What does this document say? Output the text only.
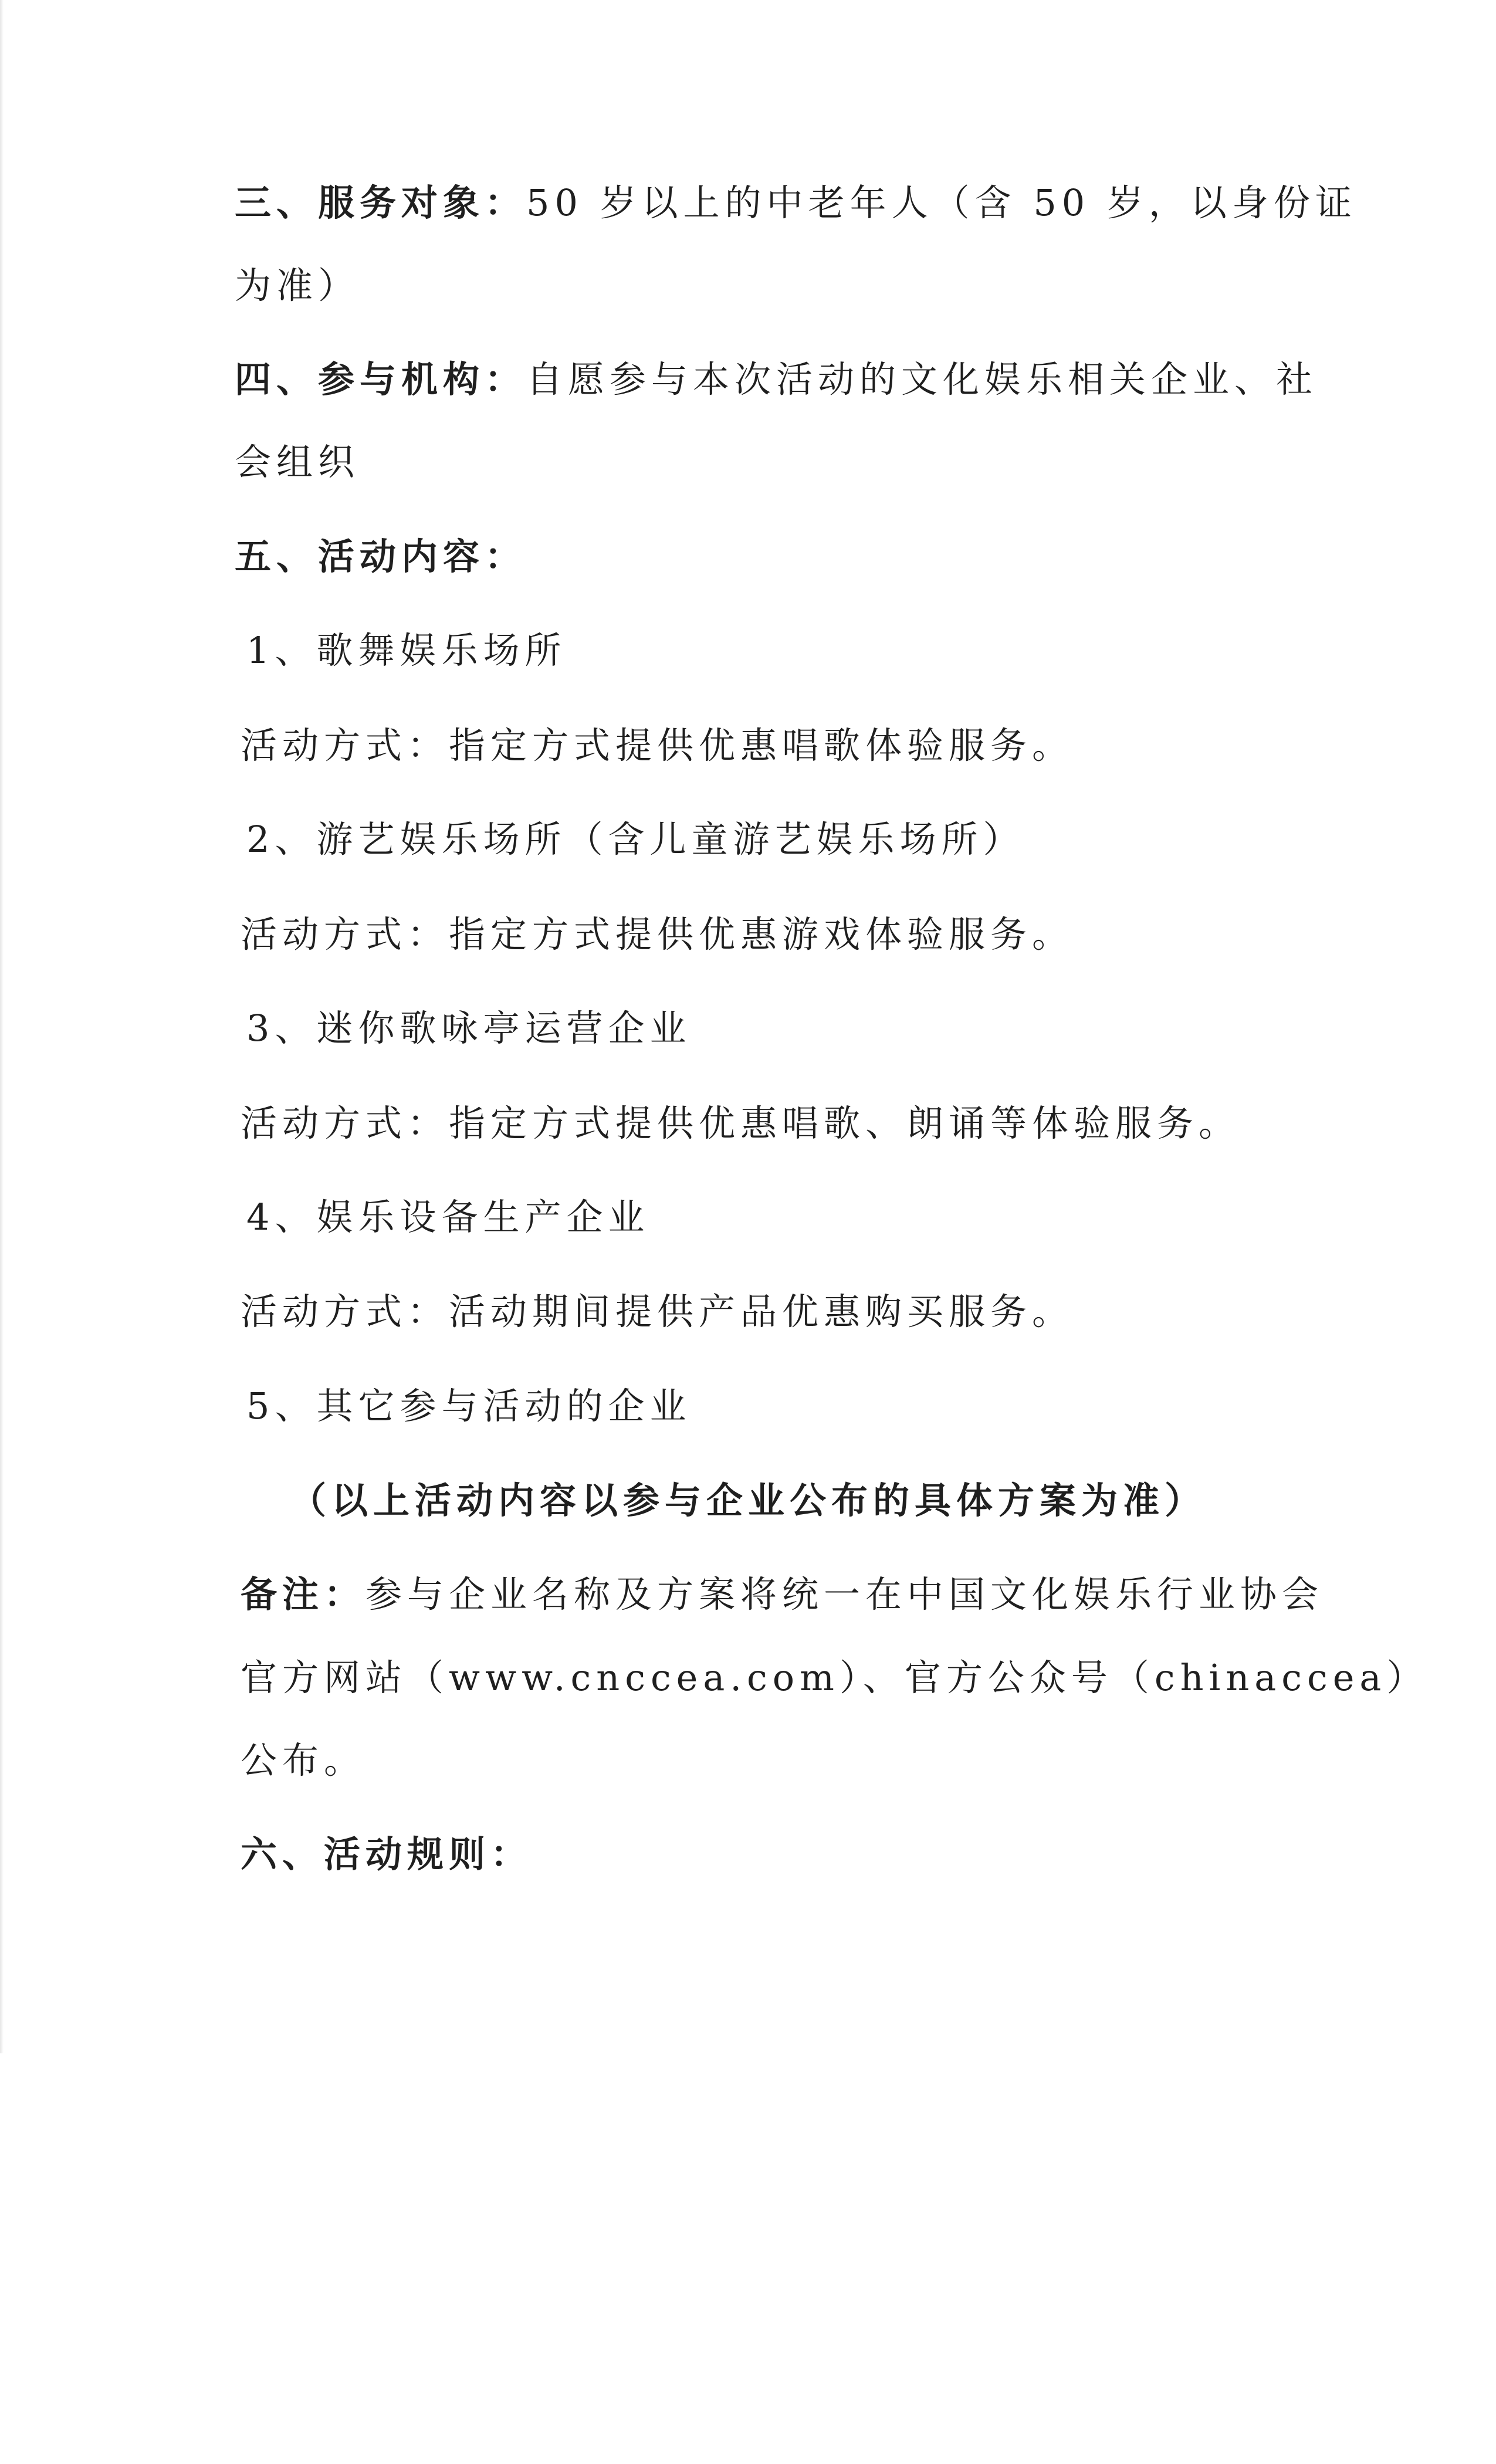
三、服务对象：50 岁以上的中老年人（含 50 岁，以身份证
为准）
四、参与机构：自愿参与本次活动的文化娱乐相关企业、社
会组织
五、活动内容：
1、歌舞娱乐场所
活动方式：指定方式提供优惠唱歌体验服务。
2、游艺娱乐场所（含儿童游艺娱乐场所）
活动方式：指定方式提供优惠游戏体验服务。
3、迷你歌咏亭运营企业
活动方式：指定方式提供优惠唱歌、朗诵等体验服务。
4、娱乐设备生产企业
活动方式：活动期间提供产品优惠购买服务。
5、其它参与活动的企业
（以上活动内容以参与企业公布的具体方案为准）
备注：参与企业名称及方案将统一在中国文化娱乐行业协会
官方网站（www.cnccea.com）、官方公众号（chinaccea）
公布。
六、活动规则：
